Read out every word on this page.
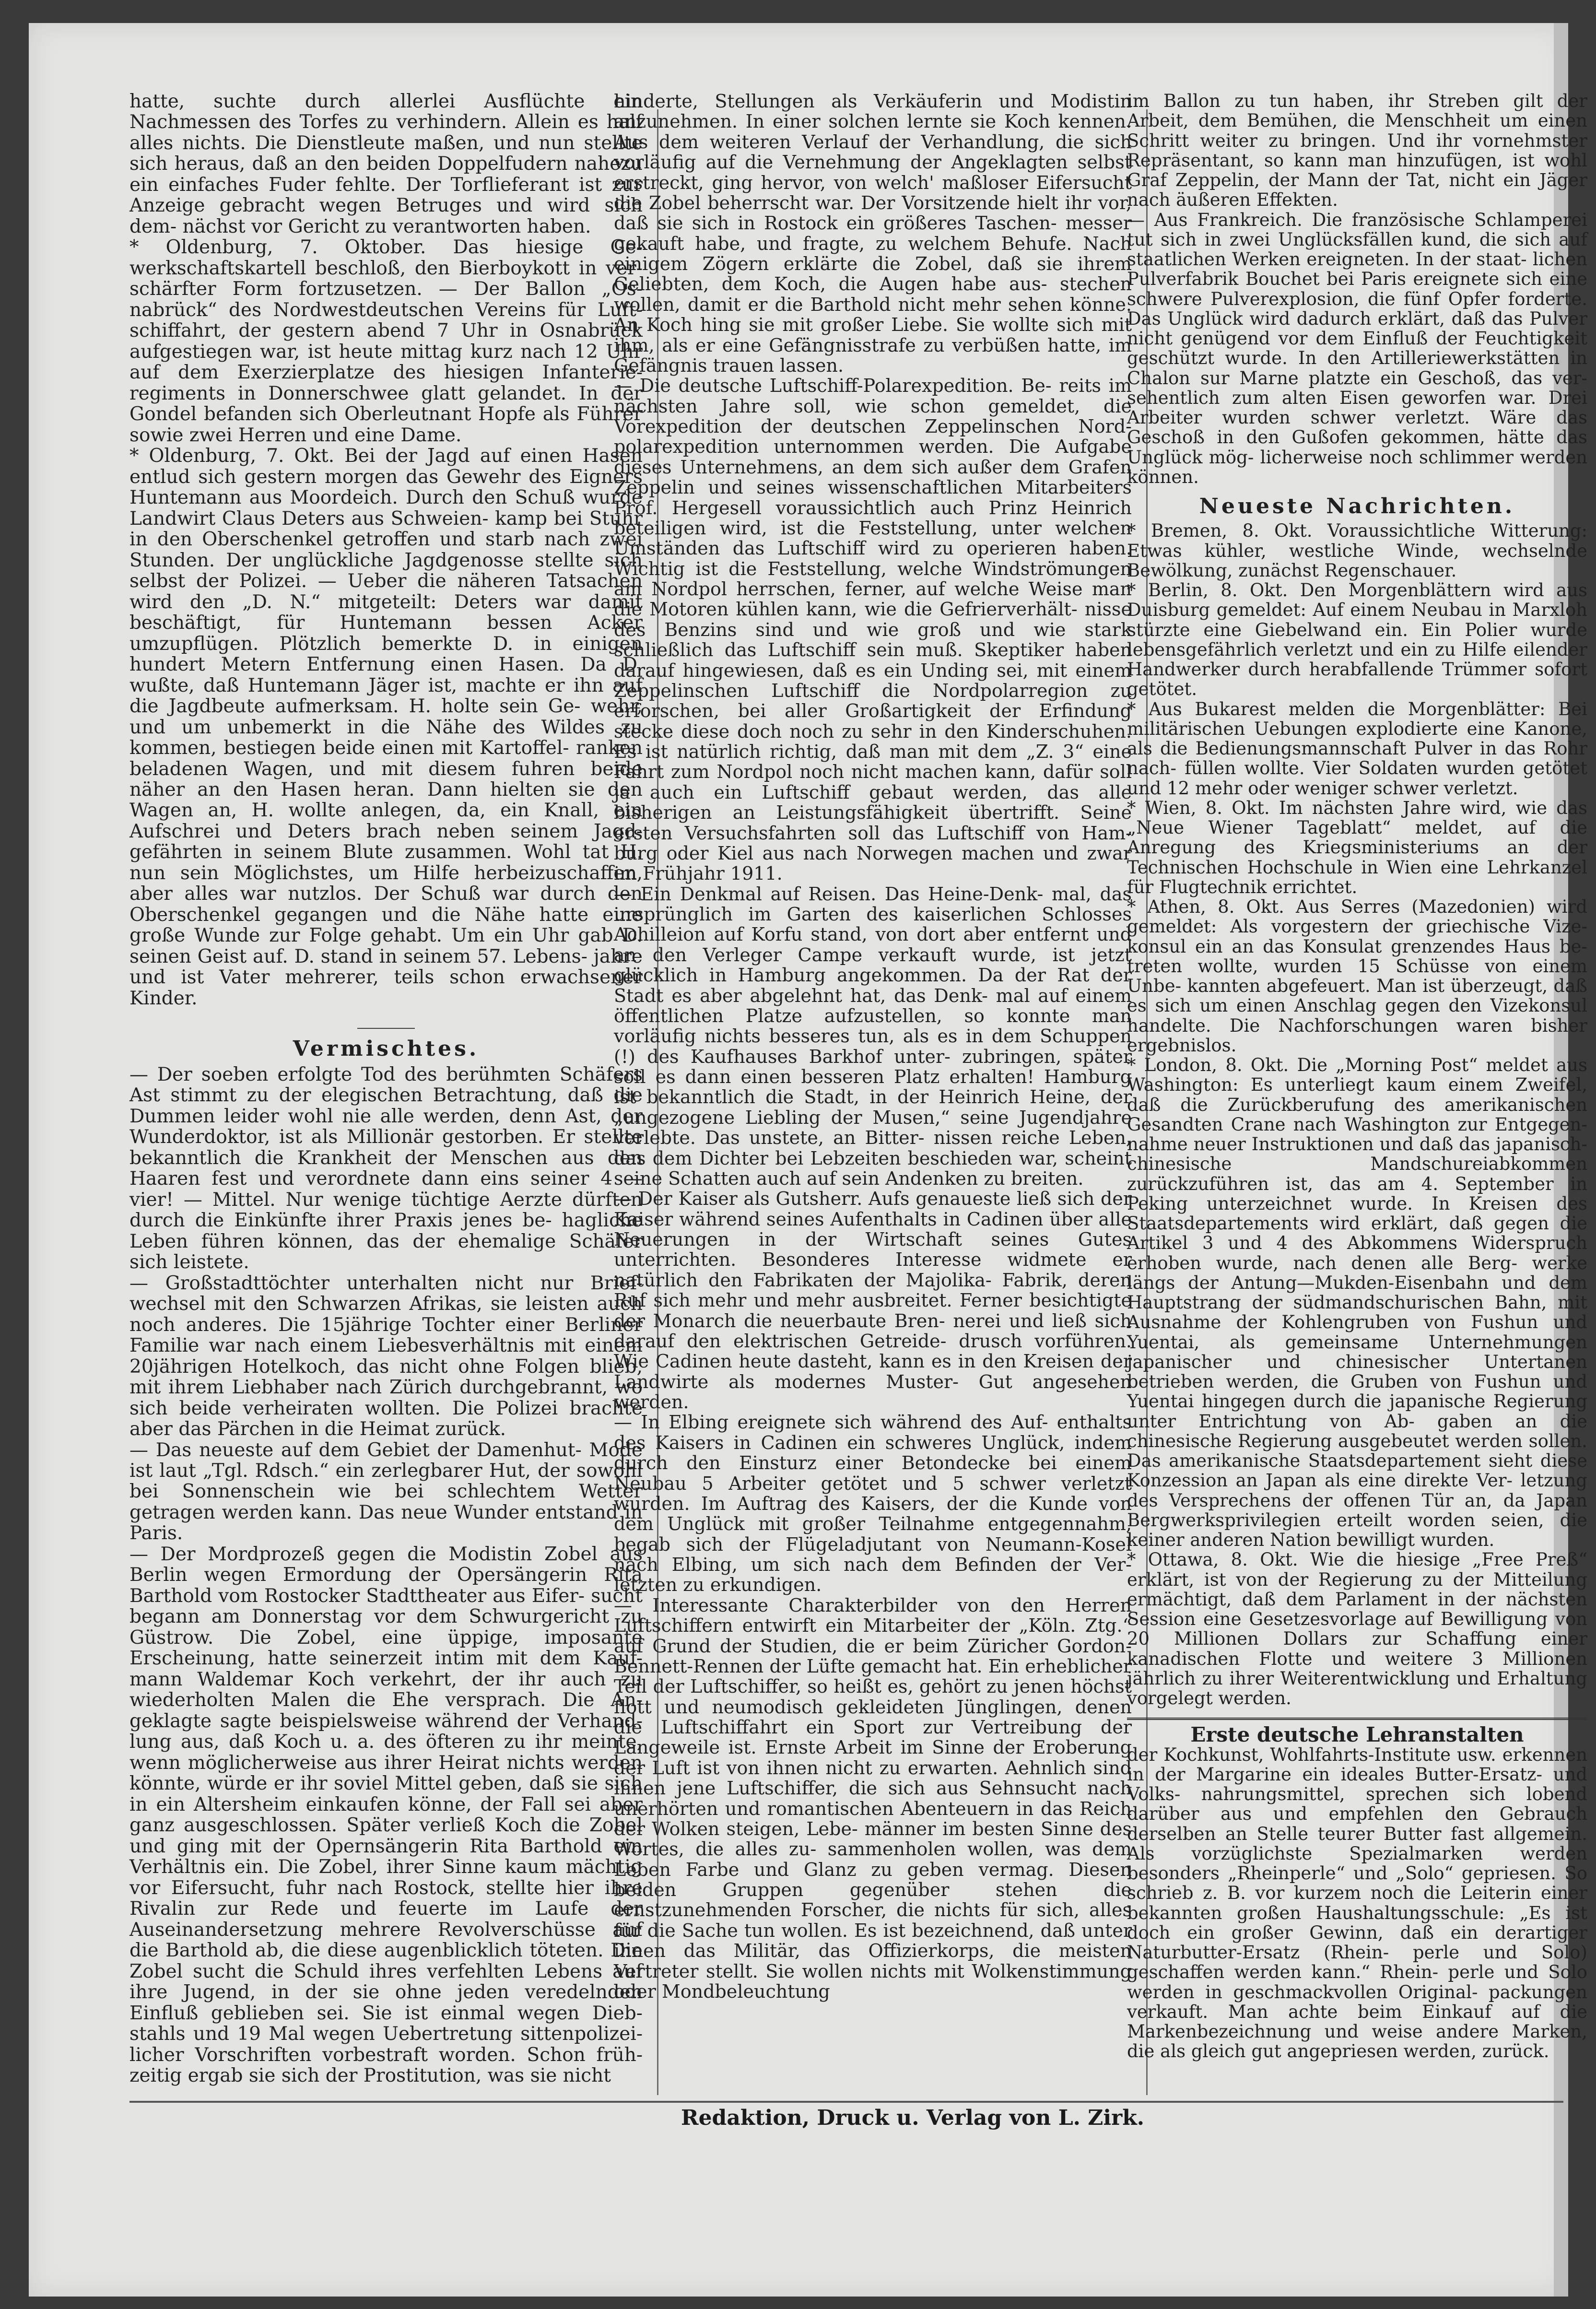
hatte, suchte durch allerlei Ausflüchte ein Nachmessen des Torfes zu verhindern. Allein es half alles nichts. Die Dienstleute maßen, und nun stellte sich heraus, daß an den beiden Doppelfudern nahezu ein einfaches Fuder fehlte. Der Torflieferant ist zur Anzeige gebracht wegen Betruges und wird sich dem- nächst vor Gericht zu verantworten haben.

* Oldenburg, 7. Oktober. Das hiesige Ge- werkschaftskartell beschloß, den Bierboykott in ver- schärfter Form fortzusetzen. — Der Ballon „Os- nabrück“ des Nordwestdeutschen Vereins für Luft- schiffahrt, der gestern abend 7 Uhr in Osnabrück aufgestiegen war, ist heute mittag kurz nach 12 Uhr auf dem Exerzierplatze des hiesigen Infanterie- regiments in Donnerschwee glatt gelandet. In der Gondel befanden sich Oberleutnant Hopfe als Führer sowie zwei Herren und eine Dame.

* Oldenburg, 7. Okt. Bei der Jagd auf einen Hasen entlud sich gestern morgen das Gewehr des Eigners Huntemann aus Moordeich. Durch den Schuß wurde Landwirt Claus Deters aus Schweien- kamp bei Stuhr in den Oberschenkel getroffen und starb nach zwei Stunden. Der unglückliche Jagdgenosse stellte sich selbst der Polizei. — Ueber die näheren Tatsachen wird den „D. N.“ mitgeteilt: Deters war damit beschäftigt, für Huntemann bessen Acker umzupflügen. Plötzlich bemerkte D. in einigen hundert Metern Entfernung einen Hasen. Da D. wußte, daß Huntemann Jäger ist, machte er ihn auf die Jagdbeute aufmerksam. H. holte sein Ge- wehr, und um unbemerkt in die Nähe des Wildes zu kommen, bestiegen beide einen mit Kartoffel- ranken beladenen Wagen, und mit diesem fuhren beide näher an den Hasen heran. Dann hielten sie den Wagen an, H. wollte anlegen, da, ein Knall, ein Aufschrei und Deters brach neben seinem Jagd- gefährten in seinem Blute zusammen. Wohl tat H. nun sein Möglichstes, um Hilfe herbeizuschaffen, aber alles war nutzlos. Der Schuß war durch den Oberschenkel gegangen und die Nähe hatte eine große Wunde zur Folge gehabt. Um ein Uhr gab D. seinen Geist auf. D. stand in seinem 57. Lebens- jahre und ist Vater mehrerer, teils schon erwachsener Kinder.

Vermischtes.

— Der soeben erfolgte Tod des berühmten Schäfers Ast stimmt zu der elegischen Betrachtung, daß die Dummen leider wohl nie alle werden, denn Ast, der Wunderdoktor, ist als Millionär gestorben. Er stellte bekanntlich die Krankheit der Menschen aus den Haaren fest und verordnete dann eins seiner 4 — vier! — Mittel. Nur wenige tüchtige Aerzte dürften durch die Einkünfte ihrer Praxis jenes be- hagliche Leben führen können, das der ehemalige Schäfer sich leistete.

— Großstadttöchter unterhalten nicht nur Brief- wechsel mit den Schwarzen Afrikas, sie leisten auch noch anderes. Die 15jährige Tochter einer Berliner Familie war nach einem Liebesverhältnis mit einem 20jährigen Hotelkoch, das nicht ohne Folgen blieb, mit ihrem Liebhaber nach Zürich durchgebrannt, wo sich beide verheiraten wollten. Die Polizei brachte aber das Pärchen in die Heimat zurück.

— Das neueste auf dem Gebiet der Damenhut- Mode ist laut „Tgl. Rdsch.“ ein zerlegbarer Hut, der sowohl bei Sonnenschein wie bei schlechtem Wetter getragen werden kann. Das neue Wunder entstand in Paris.

— Der Mordprozeß gegen die Modistin Zobel aus Berlin wegen Ermordung der Opersängerin Rita Barthold vom Rostocker Stadttheater aus Eifer- sucht begann am Donnerstag vor dem Schwurgericht zu Güstrow. Die Zobel, eine üppige, imposante Erscheinung, hatte seinerzeit intim mit dem Kauf- mann Waldemar Koch verkehrt, der ihr auch zu wiederholten Malen die Ehe versprach. Die An- geklagte sagte beispielsweise während der Verhand- lung aus, daß Koch u. a. des öfteren zu ihr meinte, wenn möglicherweise aus ihrer Heirat nichts werden könnte, würde er ihr soviel Mittel geben, daß sie sich in ein Altersheim einkaufen könne, der Fall sei aber ganz ausgeschlossen. Später verließ Koch die Zobel und ging mit der Opernsängerin Rita Barthold ein Verhältnis ein. Die Zobel, ihrer Sinne kaum mächtig vor Eifersucht, fuhr nach Rostock, stellte hier ihre Rivalin zur Rede und feuerte im Laufe der Auseinandersetzung mehrere Revolverschüsse auf die Barthold ab, die diese augenblicklich töteten. Die Zobel sucht die Schuld ihres verfehlten Lebens auf ihre Jugend, in der sie ohne jeden veredelnden Einfluß geblieben sei. Sie ist einmal wegen Dieb- stahls und 19 Mal wegen Uebertretung sittenpolizei- licher Vorschriften vorbestraft worden. Schon früh- zeitig ergab sie sich der Prostitution, was sie nicht

hinderte, Stellungen als Verkäuferin und Modistin anzunehmen. In einer solchen lernte sie Koch kennen. Aus dem weiteren Verlauf der Verhandlung, die sich vorläufig auf die Vernehmung der Angeklagten selbst erstreckt, ging hervor, von welch' maßloser Eifersucht die Zobel beherrscht war. Der Vorsitzende hielt ihr vor, daß sie sich in Rostock ein größeres Taschen- messer gekauft habe, und fragte, zu welchem Behufe. Nach einigem Zögern erklärte die Zobel, daß sie ihrem Geliebten, dem Koch, die Augen habe aus- stechen wollen, damit er die Barthold nicht mehr sehen könne. An Koch hing sie mit großer Liebe. Sie wollte sich mit ihm, als er eine Gefängnisstrafe zu verbüßen hatte, im Gefängnis trauen lassen.

— Die deutsche Luftschiff-Polarexpedition. Be- reits im nächsten Jahre soll, wie schon gemeldet, die Vorexpedition der deutschen Zeppelinschen Nord- polarexpedition unternommen werden. Die Aufgabe dieses Unternehmens, an dem sich außer dem Grafen Zeppelin und seines wissenschaftlichen Mitarbeiters Prof. Hergesell voraussichtlich auch Prinz Heinrich beteiligen wird, ist die Feststellung, unter welchen Umständen das Luftschiff wird zu operieren haben. Wichtig ist die Feststellung, welche Windströmungen am Nordpol herrschen, ferner, auf welche Weise man die Motoren kühlen kann, wie die Gefrierverhält- nisse des Benzins sind und wie groß und wie stark schließlich das Luftschiff sein muß. Skeptiker haben darauf hingewiesen, daß es ein Unding sei, mit einem Zeppelinschen Luftschiff die Nordpolarregion zu erforschen, bei aller Großartigkeit der Erfindung stecke diese doch noch zu sehr in den Kinderschuhen. Es ist natürlich richtig, daß man mit dem „Z. 3“ eine Fahrt zum Nordpol noch nicht machen kann, dafür soll ja auch ein Luftschiff gebaut werden, das alle bisherigen an Leistungsfähigkeit übertrifft. Seine ersten Versuchsfahrten soll das Luftschiff von Ham- burg oder Kiel aus nach Norwegen machen und zwar im Frühjahr 1911.

— Ein Denkmal auf Reisen. Das Heine-Denk- mal, das ursprünglich im Garten des kaiserlichen Schlosses Achilleion auf Korfu stand, von dort aber entfernt und an den Verleger Campe verkauft wurde, ist jetzt glücklich in Hamburg angekommen. Da der Rat der Stadt es aber abgelehnt hat, das Denk- mal auf einem öffentlichen Platze aufzustellen, so konnte man vorläufig nichts besseres tun, als es in dem Schuppen (!) des Kaufhauses Barkhof unter- zubringen, später soll es dann einen besseren Platz erhalten! Hamburg ist bekanntlich die Stadt, in der Heinrich Heine, der „ungezogene Liebling der Musen,“ seine Jugendjahre verlebte. Das unstete, an Bitter- nissen reiche Leben, das dem Dichter bei Lebzeiten beschieden war, scheint seine Schatten auch auf sein Andenken zu breiten.

— Der Kaiser als Gutsherr. Aufs genaueste ließ sich der Kaiser während seines Aufenthalts in Cadinen über alle Neuerungen in der Wirtschaft seines Gutes unterrichten. Besonderes Interesse widmete er natürlich den Fabrikaten der Majolika- Fabrik, deren Ruf sich mehr und mehr ausbreitet. Ferner besichtigte der Monarch die neuerbaute Bren- nerei und ließ sich darauf den elektrischen Getreide- drusch vorführen. Wie Cadinen heute dasteht, kann es in den Kreisen der Landwirte als modernes Muster- Gut angesehen werden.

— In Elbing ereignete sich während des Auf- enthalts des Kaisers in Cadinen ein schweres Unglück, indem durch den Einsturz einer Betondecke bei einem Neubau 5 Arbeiter getötet und 5 schwer verletzt wurden. Im Auftrag des Kaisers, der die Kunde von dem Unglück mit großer Teilnahme entgegennahm, begab sich der Flügeladjutant von Neumann-Kosel nach Elbing, um sich nach dem Befinden der Ver- letzten zu erkundigen.

— Interessante Charakterbilder von den Herren Luftschiffern entwirft ein Mitarbeiter der „Köln. Ztg.“ auf Grund der Studien, die er beim Züricher Gordon-Bennett-Rennen der Lüfte gemacht hat. Ein erheblicher Teil der Luftschiffer, so heißt es, gehört zu jenen höchst flott und neumodisch gekleideten Jünglingen, denen die Luftschiffahrt ein Sport zur Vertreibung der Langeweile ist. Ernste Arbeit im Sinne der Eroberung der Luft ist von ihnen nicht zu erwarten. Aehnlich sind ihnen jene Luftschiffer, die sich aus Sehnsucht nach unerhörten und romantischen Abenteuern in das Reich der Wolken steigen, Lebe- männer im besten Sinne des Wortes, die alles zu- sammenholen wollen, was dem Leben Farbe und Glanz zu geben vermag. Diesen beiden Gruppen gegenüber stehen die ernstzunehmenden Forscher, die nichts für sich, alles für die Sache tun wollen. Es ist bezeichnend, daß unter ihnen das Militär, das Offizierkorps, die meisten Vertreter stellt. Sie wollen nichts mit Wolkenstimmung oder Mondbeleuchtung

im Ballon zu tun haben, ihr Streben gilt der Arbeit, dem Bemühen, die Menschheit um einen Schritt weiter zu bringen. Und ihr vornehmster Repräsentant, so kann man hinzufügen, ist wohl Graf Zeppelin, der Mann der Tat, nicht ein Jäger nach äußeren Effekten.

— Aus Frankreich. Die französische Schlamperei tut sich in zwei Unglücksfällen kund, die sich auf staatlichen Werken ereigneten. In der staat- lichen Pulverfabrik Bouchet bei Paris ereignete sich eine schwere Pulverexplosion, die fünf Opfer forderte. Das Unglück wird dadurch erklärt, daß das Pulver nicht genügend vor dem Einfluß der Feuchtigkeit geschützt wurde. In den Artilleriewerkstätten in Chalon sur Marne platzte ein Geschoß, das ver- sehentlich zum alten Eisen geworfen war. Drei Arbeiter wurden schwer verletzt. Wäre das Geschoß in den Gußofen gekommen, hätte das Unglück mög- licherweise noch schlimmer werden können.

Neueste Nachrichten.

* Bremen, 8. Okt. Voraussichtliche Witterung: Etwas kühler, westliche Winde, wechselnde Bewölkung, zunächst Regenschauer.

* Berlin, 8. Okt. Den Morgenblättern wird aus Duisburg gemeldet: Auf einem Neubau in Marxloh stürzte eine Giebelwand ein. Ein Polier wurde lebensgefährlich verletzt und ein zu Hilfe eilender Handwerker durch herabfallende Trümmer sofort getötet.

* Aus Bukarest melden die Morgenblätter: Bei militärischen Uebungen explodierte eine Kanone, als die Bedienungsmannschaft Pulver in das Rohr nach- füllen wollte. Vier Soldaten wurden getötet und 12 mehr oder weniger schwer verletzt.

* Wien, 8. Okt. Im nächsten Jahre wird, wie das „Neue Wiener Tageblatt“ meldet, auf die Anregung des Kriegsministeriums an der Technischen Hochschule in Wien eine Lehrkanzel für Flugtechnik errichtet.

* Athen, 8. Okt. Aus Serres (Mazedonien) wird gemeldet: Als vorgestern der griechische Vize- konsul ein an das Konsulat grenzendes Haus be- treten wollte, wurden 15 Schüsse von einem Unbe- kannten abgefeuert. Man ist überzeugt, daß es sich um einen Anschlag gegen den Vizekonsul handelte. Die Nachforschungen waren bisher ergebnislos.

* London, 8. Okt. Die „Morning Post“ meldet aus Washington: Es unterliegt kaum einem Zweifel, daß die Zurückberufung des amerikanischen Gesandten Crane nach Washington zur Entgegen- nahme neuer Instruktionen und daß das japanisch- chinesische Mandschureiabkommen zurückzuführen ist, das am 4. September in Peking unterzeichnet wurde. In Kreisen des Staatsdepartements wird erklärt, daß gegen die Artikel 3 und 4 des Abkommens Widerspruch erhoben wurde, nach denen alle Berg- werke längs der Antung—Mukden-Eisenbahn und dem Hauptstrang der südmandschurischen Bahn, mit Ausnahme der Kohlengruben von Fushun und Yuentai, als gemeinsame Unternehmungen japanischer und chinesischer Untertanen betrieben werden, die Gruben von Fushun und Yuentai hingegen durch die japanische Regierung unter Entrichtung von Ab- gaben an die chinesische Regierung ausgebeutet werden sollen. Das amerikanische Staatsdepartement sieht diese Konzession an Japan als eine direkte Ver- letzung des Versprechens der offenen Tür an, da Japan Bergwerksprivilegien erteilt worden seien, die keiner anderen Nation bewilligt wurden.

* Ottawa, 8. Okt. Wie die hiesige „Free Preß“ erklärt, ist von der Regierung zu der Mitteilung ermächtigt, daß dem Parlament in der nächsten Session eine Gesetzesvorlage auf Bewilligung von 20 Millionen Dollars zur Schaffung einer kanadischen Flotte und weitere 3 Millionen jährlich zu ihrer Weiterentwicklung und Erhaltung vorgelegt werden.

Erste deutsche Lehranstalten

der Kochkunst, Wohlfahrts-Institute usw. erkennen in der Margarine ein ideales Butter-Ersatz- und Volks- nahrungsmittel, sprechen sich lobend darüber aus und empfehlen den Gebrauch derselben an Stelle teurer Butter fast allgemein. Als vorzüglichste Spezialmarken werden besonders „Rheinperle“ und „Solo“ gepriesen. So schrieb z. B. vor kurzem noch die Leiterin einer bekannten großen Haushaltungsschule: „Es ist doch ein großer Gewinn, daß ein derartiger Naturbutter-Ersatz (Rhein- perle und Solo) geschaffen werden kann.“ Rhein- perle und Solo werden in geschmackvollen Original- packungen verkauft. Man achte beim Einkauf auf die Markenbezeichnung und weise andere Marken, die als gleich gut angepriesen werden, zurück.

Redaktion, Druck u. Verlag von L. Zirk.
